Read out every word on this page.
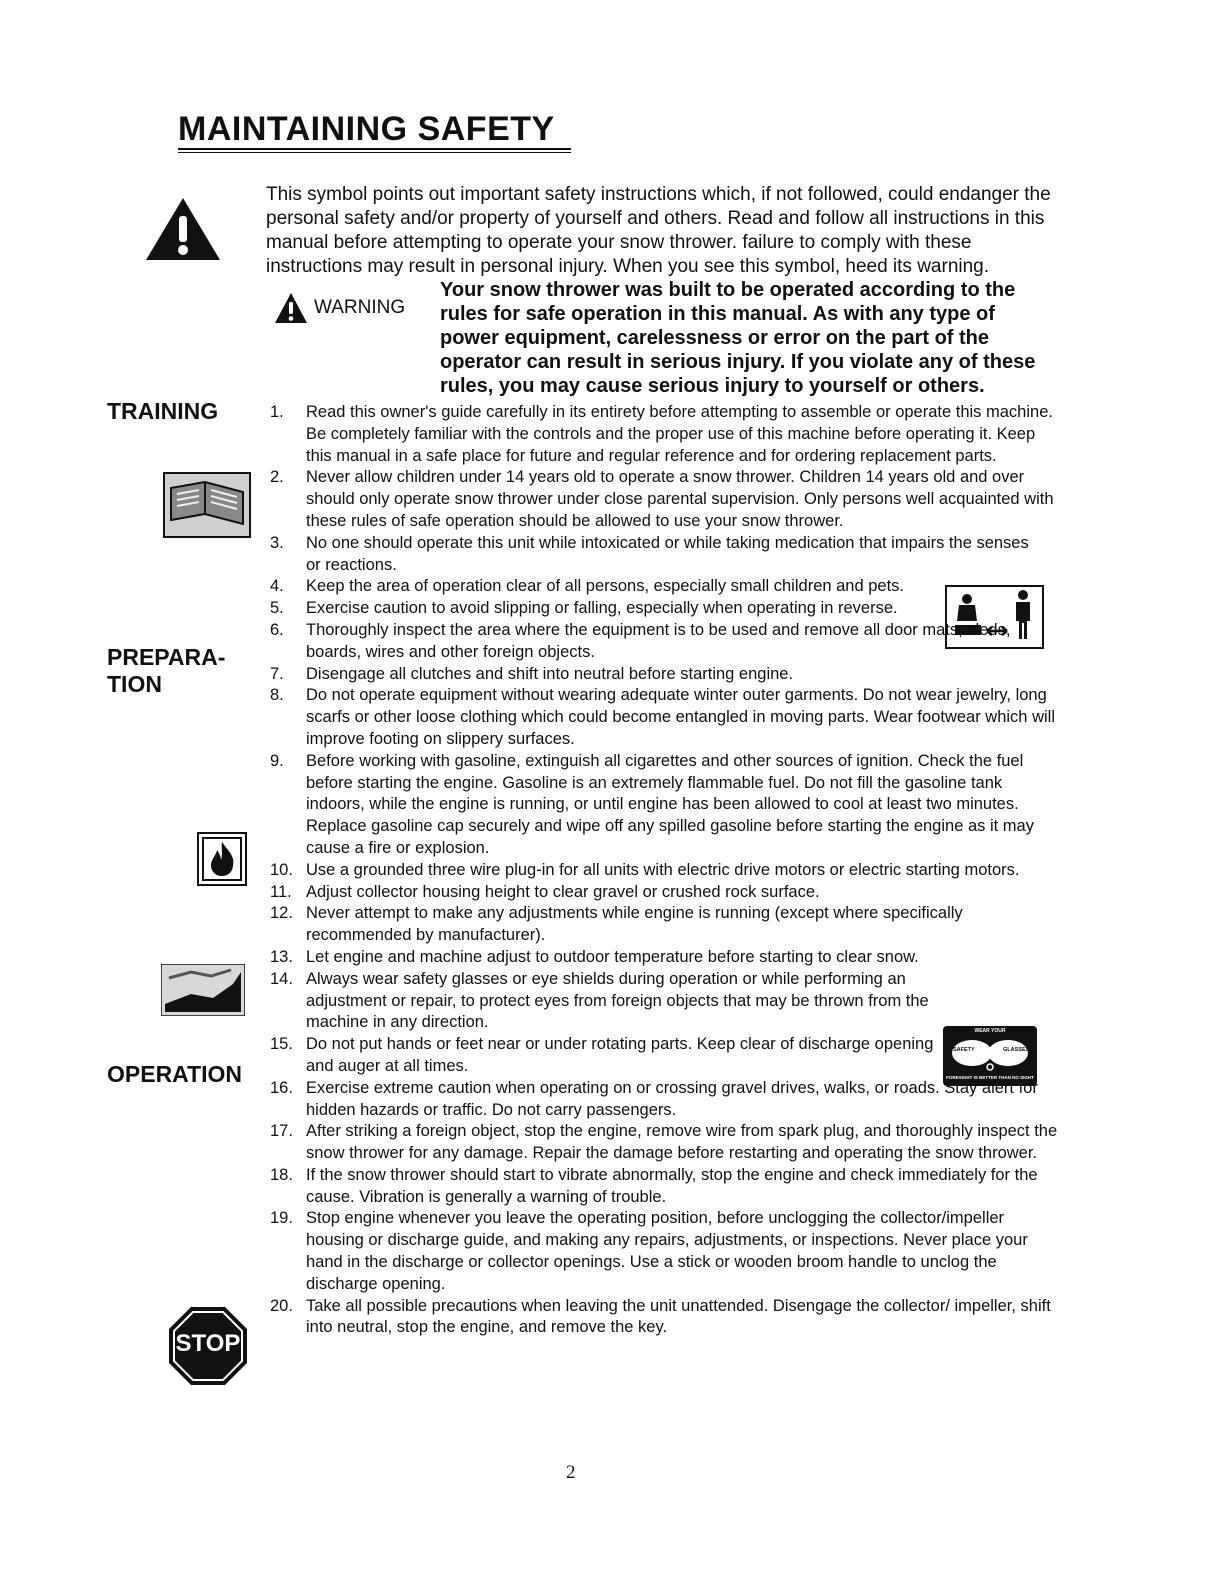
MAINTAINING SAFETY
This symbol points out important safety instructions which, if not followed, could endanger the personal safety and/or property of yourself and others. Read and follow all instructions in this manual before attempting to operate your snow thrower. failure to comply with these instructions may result in personal injury. When you see this symbol, heed its warning.
WARNING
Your snow thrower was built to be operated according to the rules for safe operation in this manual. As with any type of power equipment, carelessness or error on the part of the operator can result in serious injury. If you violate any of these rules, you may cause serious injury to yourself or others.
TRAINING
PREPARA- TION
OPERATION
STOP
WEAR YOUR
SAFETY	GLASSES
FORESIGHT IS BETTER THAN NO SIGHT
1.	Read this owner's guide carefully in its entirety before attempting to assemble or operate this machine. Be completely familiar with the controls and the proper use of this machine before operating it. Keep this manual in a safe place for future and regular reference and for ordering replacement parts.
2.	Never allow children under 14 years old to operate a snow thrower. Children 14 years old and over should only operate snow thrower under close parental supervision. Only persons well acquainted with these rules of safe operation should be allowed to use your snow thrower.
3.	No one should operate this unit while intoxicated or while taking medication that impairs the senses or reactions.
4.	Keep the area of operation clear of all persons, especially small children and pets.
5.	Exercise caution to avoid slipping or falling, especially when operating in reverse.
6.	Thoroughly inspect the area where the equipment is to be used and remove all door mats, sleds, boards, wires and other foreign objects.
7.	Disengage all clutches and shift into neutral before starting engine.
8.	Do not operate equipment without wearing adequate winter outer garments. Do not wear jewelry, long scarfs or other loose clothing which could become entangled in moving parts. Wear footwear which will improve footing on slippery surfaces.
9.	Before working with gasoline, extinguish all cigarettes and other sources of ignition. Check the fuel before starting the engine. Gasoline is an extremely flammable fuel. Do not fill the gasoline tank indoors, while the engine is running, or until engine has been allowed to cool at least two minutes. Replace gasoline cap securely and wipe off any spilled gasoline before starting the engine as it may cause a fire or explosion.
10. Use a grounded three wire plug-in for all units with electric drive motors or electric starting motors.
11. Adjust collector housing height to clear gravel or crushed rock surface.
12. Never attempt to make any adjustments while engine is running (except where specifically recommended by manufacturer).
13. Let engine and machine adjust to outdoor temperature before starting to clear snow.
14. Always wear safety glasses or eye shields during operation or while performing an adjustment or repair, to protect eyes from foreign objects that may be thrown from the machine in any direction.
15. Do not put hands or feet near or under rotating parts. Keep clear of discharge opening and auger at all times.
16. Exercise extreme caution when operating on or crossing gravel drives, walks, or roads. Stay alert for hidden hazards or traffic. Do not carry passengers.
17. After striking a foreign object, stop the engine, remove wire from spark plug, and thoroughly inspect the snow thrower for any damage. Repair the damage before restarting and operating the snow thrower.
18. If the snow thrower should start to vibrate abnormally, stop the engine and check immediately for the cause. Vibration is generally a warning of trouble.
19. Stop engine whenever you leave the operating position, before unclogging the collector/impeller housing or discharge guide, and making any repairs, adjustments, or inspections. Never place your hand in the discharge or collector openings. Use a stick or wooden broom handle to unclog the discharge opening.
20. Take all possible precautions when leaving the unit unattended. Disengage the collector/ impeller, shift into neutral, stop the engine, and remove the key.
2
